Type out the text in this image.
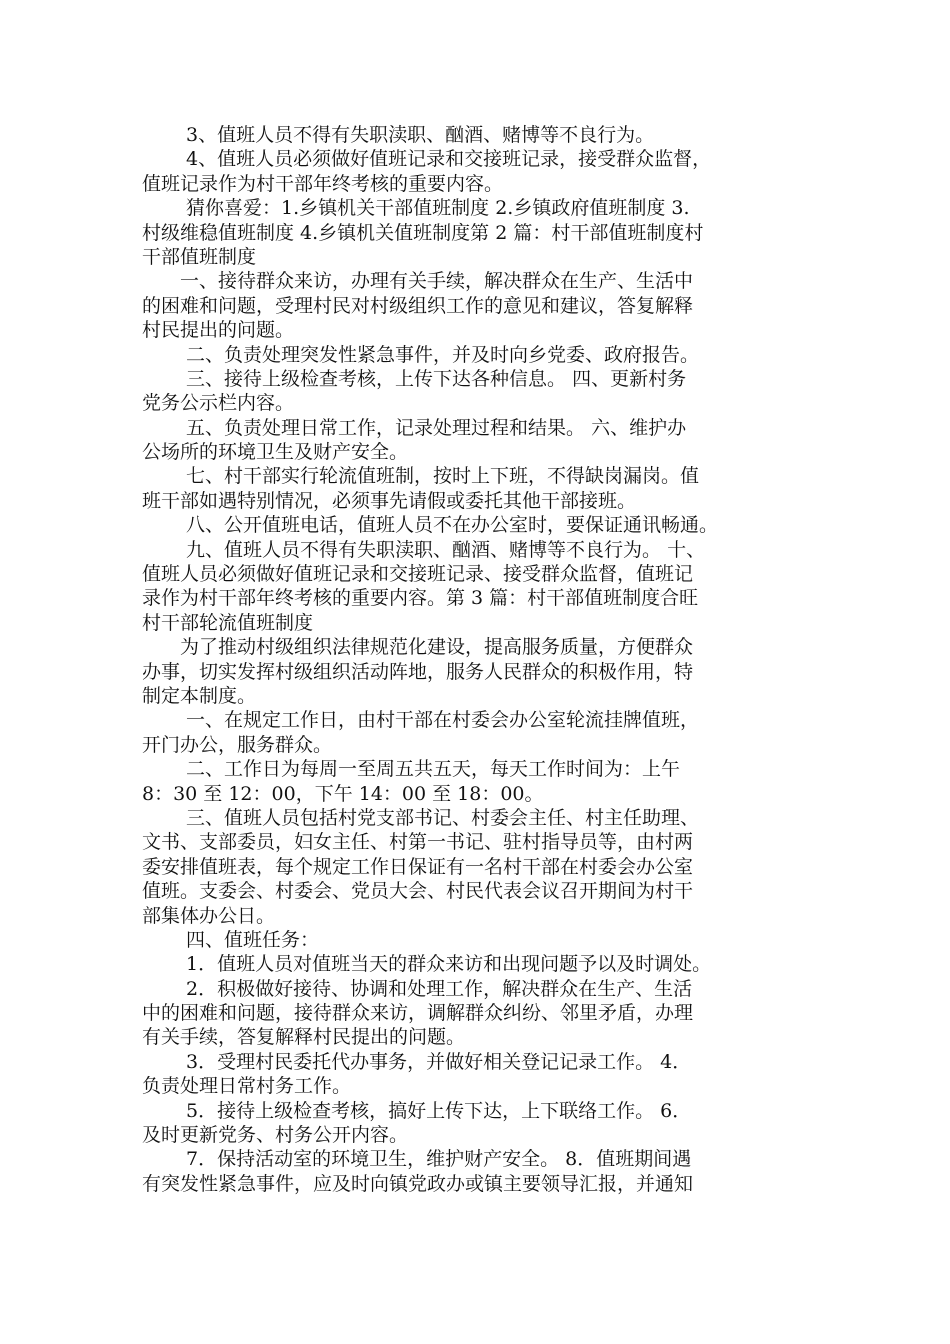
　　 3、值班人员不得有失职渎职、酗酒、赌博等不良行为。
　　 4、值班人员必须做好值班记录和交接班记录，接受群众监督，
值班记录作为村干部年终考核的重要内容。
　　 猜你喜爱：1.乡镇机关干部值班制度 2.乡镇政府值班制度 3.
村级维稳值班制度 4.乡镇机关值班制度第 2 篇：村干部值班制度村
干部值班制度
　　一、接待群众来访，办理有关手续，解决群众在生产、生活中
的困难和问题，受理村民对村级组织工作的意见和建议，答复解释
村民提出的问题。
　　 二、负责处理突发性紧急事件，并及时向乡党委、政府报告。
　　 三、接待上级检查考核，上传下达各种信息。 四、更新村务
党务公示栏内容。
　　 五、负责处理日常工作，记录处理过程和结果。 六、维护办
公场所的环境卫生及财产安全。
　　 七、村干部实行轮流值班制，按时上下班，不得缺岗漏岗。值
班干部如遇特别情况，必须事先请假或委托其他干部接班。
　　 八、公开值班电话，值班人员不在办公室时，要保证通讯畅通。
　　 九、值班人员不得有失职渎职、酗酒、赌博等不良行为。 十、
值班人员必须做好值班记录和交接班记录、接受群众监督，值班记
录作为村干部年终考核的重要内容。第 3 篇：村干部值班制度合旺
村干部轮流值班制度
　　为了推动村级组织法律规范化建设，提高服务质量，方便群众
办事，切实发挥村级组织活动阵地，服务人民群众的积极作用，特
制定本制度。
　　 一、在规定工作日，由村干部在村委会办公室轮流挂牌值班，
开门办公，服务群众。
　　 二、工作日为每周一至周五共五天，每天工作时间为：上午
8：30 至 12：00，下午 14：00 至 18：00。
　　 三、值班人员包括村党支部书记、村委会主任、村主任助理、
文书、支部委员，妇女主任、村第一书记、驻村指导员等，由村两
委安排值班表，每个规定工作日保证有一名村干部在村委会办公室
值班。支委会、村委会、党员大会、村民代表会议召开期间为村干
部集体办公日。
　　 四、值班任务：
　　 1．值班人员对值班当天的群众来访和出现问题予以及时调处。
　　 2．积极做好接待、协调和处理工作，解决群众在生产、生活
中的困难和问题，接待群众来访，调解群众纠纷、邻里矛盾，办理
有关手续，答复解释村民提出的问题。
　　 3．受理村民委托代办事务，并做好相关登记记录工作。 4．
负责处理日常村务工作。
　　 5．接待上级检查考核，搞好上传下达，上下联络工作。 6．
及时更新党务、村务公开内容。
　　 7．保持活动室的环境卫生，维护财产安全。 8．值班期间遇
有突发性紧急事件，应及时向镇党政办或镇主要领导汇报，并通知
